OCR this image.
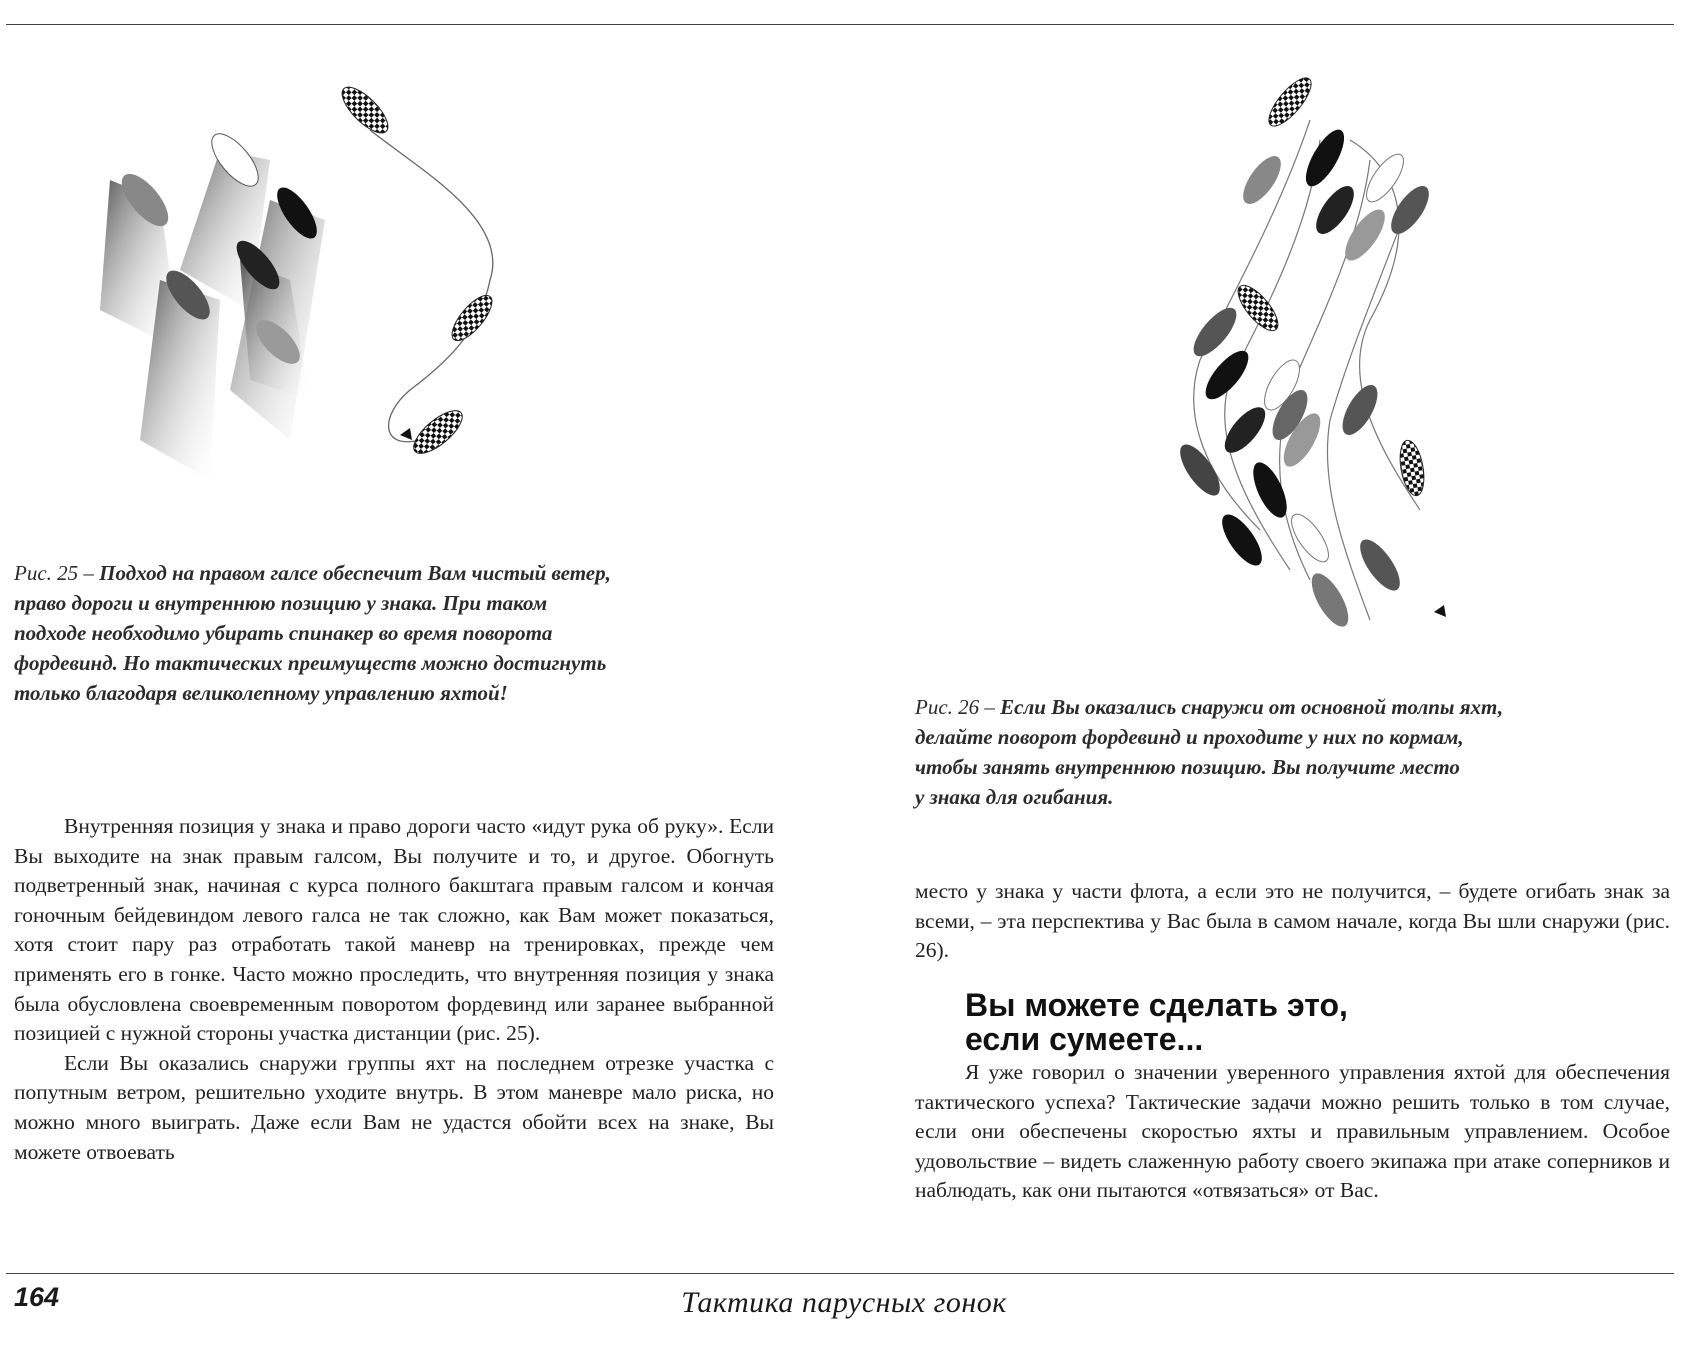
Рис. 25 – Подход на правом галсе обеспечит Вам чистый ветер,
право дороги и внутреннюю позицию у знака. При таком
подходе необходимо убирать спинакер во время поворота
фордевинд. Но тактических преимуществ можно достигнуть
только благодаря великолепному управлению яхтой!
Рис. 26 – Если Вы оказались снаружи от основной толпы яхт,
делайте поворот фордевинд и проходите у них по кормам,
чтобы занять внутреннюю позицию. Вы получите место
у знака для огибания.

Внутренняя позиция у знака и право дороги часто «идут рука об руку». Если Вы выходите на знак правым галсом, Вы получите и то, и другое. Обогнуть подветренный знак, начиная с курса полного бакштага правым галсом и кончая гоночным бейдевиндом левого галса не так сложно, как Вам может показаться, хотя стоит пару раз отработать такой маневр на тренировках, прежде чем применять его в гонке. Часто можно проследить, что внутренняя позиция у знака была обусловлена своевременным поворотом фордевинд или заранее выбранной позицией с нужной стороны участка дистанции (рис. 25).

Если Вы оказались снаружи группы яхт на последнем отрезке участка с попутным ветром, решительно уходите внутрь. В этом маневре мало риска, но можно много выиграть. Даже если Вам не удастся обойти всех на знаке, Вы можете отвоевать

место у знака у части флота, а если это не получится, – будете огибать знак за всеми, – эта перспектива у Вас была в самом начале, когда Вы шли снаружи (рис. 26).

Вы можете сделать это,
если сумеете...

Я уже говорил о значении уверенного управления яхтой для обеспечения тактического успеха? Тактические задачи можно решить только в том случае, если они обеспечены скоростью яхты и правильным управлением. Особое удовольствие – видеть слаженную работу своего экипажа при атаке соперников и наблюдать, как они пытаются «отвязаться» от Вас.

164	Тактика парусных гонок
